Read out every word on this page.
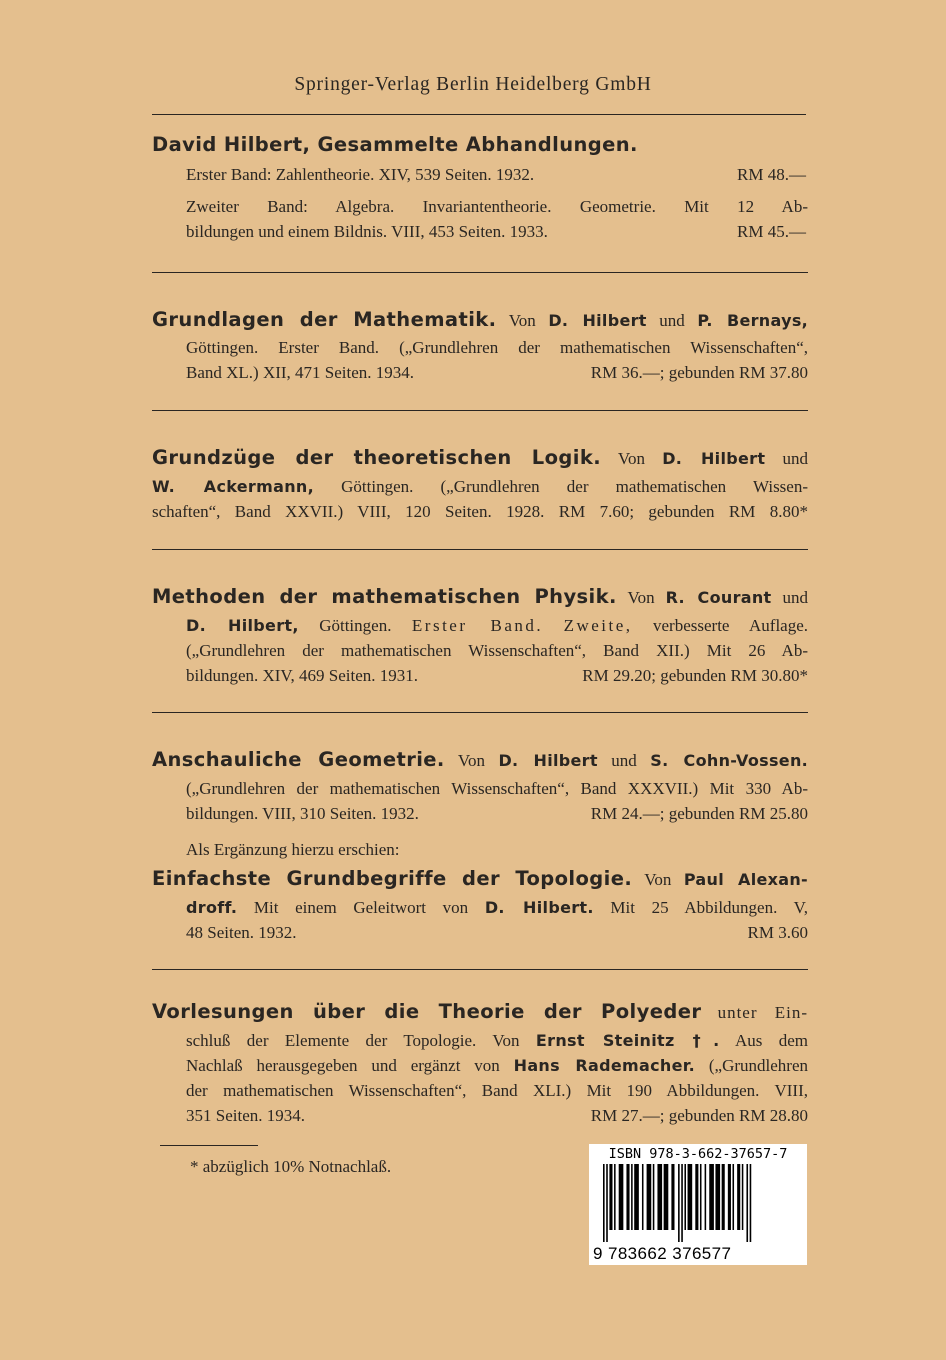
Springer-Verlag Berlin Heidelberg GmbH
David Hilbert, Gesammelte Abhandlungen.
Erster Band: Zahlentheorie. XIV, 539 Seiten. 1932.	RM 48.—
Zweiter Band: Algebra. Invariantentheorie. Geometrie. Mit 12 Ab-
bildungen und einem Bildnis. VIII, 453 Seiten. 1933.	RM 45.—
Grundlagen der Mathematik. Von D. Hilbert und P. Bernays,
Göttingen. Erster Band. („Grundlehren der mathematischen Wissenschaften“,
Band XL.) XII, 471 Seiten. 1934.	RM 36.—; gebunden RM 37.80
Grundzüge der theoretischen Logik. Von D. Hilbert und
W. Ackermann, Göttingen. („Grundlehren der mathematischen Wissen-
schaften“, Band XXVII.) VIII, 120 Seiten. 1928. RM 7.60; gebunden RM 8.80*
Methoden der mathematischen Physik. Von R. Courant und
D. Hilbert, Göttingen. Erster Band. Zweite, verbesserte Auflage.
(„Grundlehren der mathematischen Wissenschaften“, Band XII.) Mit 26 Ab-
bildungen. XIV, 469 Seiten. 1931.	RM 29.20; gebunden RM 30.80*
Anschauliche Geometrie. Von D. Hilbert und S. Cohn-Vossen.
(„Grundlehren der mathematischen Wissenschaften“, Band XXXVII.) Mit 330 Ab-
bildungen. VIII, 310 Seiten. 1932.	RM 24.—; gebunden RM 25.80
Als Ergänzung hierzu erschien:
Einfachste Grundbegriffe der Topologie. Von Paul Alexan-
droff. Mit einem Geleitwort von D. Hilbert. Mit 25 Abbildungen. V,
48 Seiten. 1932.	RM 3.60
Vorlesungen über die Theorie der Polyeder unter Ein-
schluß der Elemente der Topologie. Von Ernst Steinitz †. Aus dem
Nachlaß herausgegeben und ergänzt von Hans Rademacher. („Grundlehren
der mathematischen Wissenschaften“, Band XLI.) Mit 190 Abbildungen. VIII,
351 Seiten. 1934.	RM 27.—; gebunden RM 28.80
* abzüglich 10% Notnachlaß.
ISBN 978-3-662-37657-7
9 783662 376577
